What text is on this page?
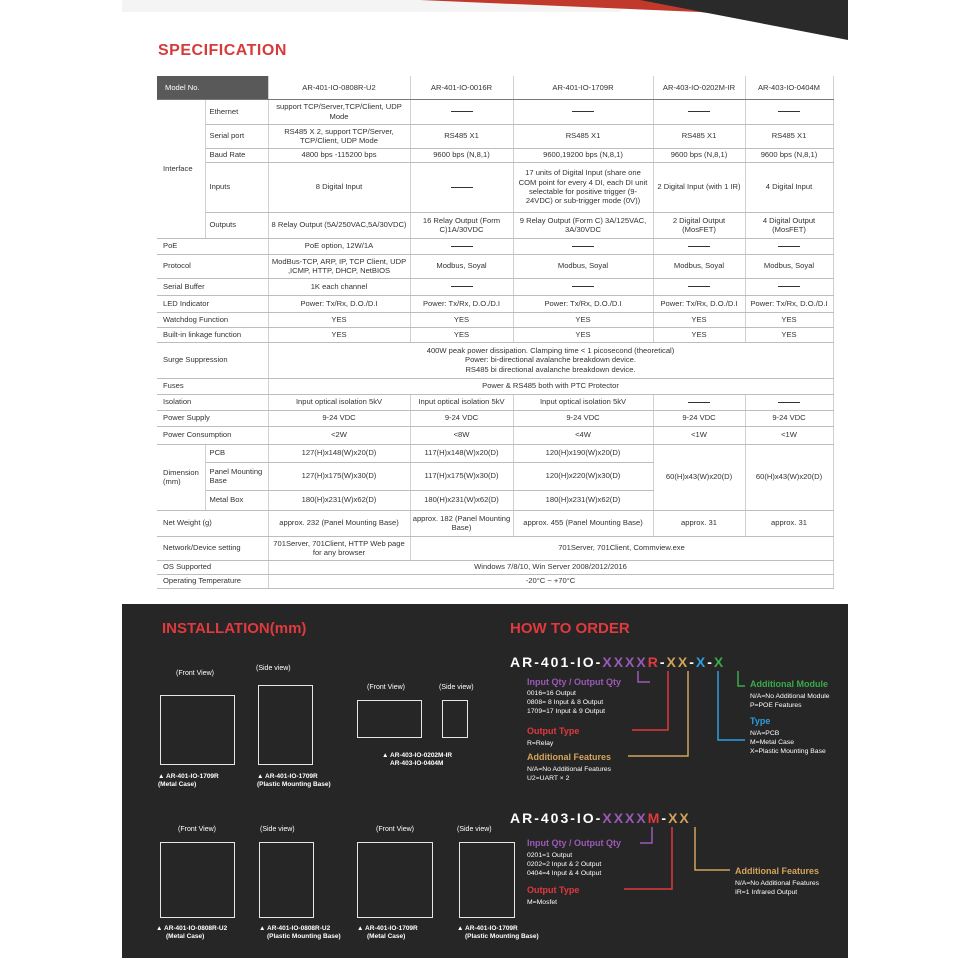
SPECIFICATION
Model No.		AR-401-IO-0808R-U2	AR-401-IO-0016R	AR-401-IO-1709R	AR-403-IO-0202M-IR	AR-403-IO-0404M
Interface	Ethernet	support TCP/Server,TCP/Client, UDP Mode				
	Serial port	RS485 X 2, support TCP/Server, TCP/Client, UDP Mode	RS485 X1	RS485 X1	RS485 X1	RS485 X1
	Baud Rate	4800 bps -115200 bps	9600 bps (N,8,1)	9600,19200 bps (N,8,1)	9600 bps (N,8,1)	9600 bps (N,8,1)
	Inputs	8 Digital Input		17 units of Digital Input (share one COM point for every 4 DI, each DI unit selectable for positive trigger (9-24VDC) or sub-trigger mode (0V))	2 Digital Input (with 1 IR)	4 Digital Input
	Outputs	8 Relay Output (5A/250VAC,5A/30VDC)	16 Relay Output (Form C)1A/30VDC	9 Relay Output (Form C) 3A/125VAC, 3A/30VDC	2 Digital Output (MosFET)	4 Digital Output (MosFET)
PoE		PoE option, 12W/1A				
Protocol		ModBus-TCP, ARP, IP, TCP Client, UDP ,ICMP, HTTP, DHCP, NetBIOS	Modbus, Soyal	Modbus, Soyal	Modbus, Soyal	Modbus, Soyal
Serial Buffer		1K each channel				
LED Indicator		Power: Tx/Rx, D.O./D.I	Power: Tx/Rx, D.O./D.I	Power: Tx/Rx, D.O./D.I	Power: Tx/Rx, D.O./D.I	Power: Tx/Rx, D.O./D.I
Watchdog Function		YES	YES	YES	YES	YES
Built-in linkage function		YES	YES	YES	YES	YES
Surge Suppression		400W peak power dissipation. Clamping time < 1 picosecond (theoretical)
Power: bi-directional avalanche breakdown device.
RS485 bi directional avalanche breakdown device.				

Fuses		Power & RS485 both with PTC Protector				
Isolation		Input optical isolation 5kV	Input optical isolation 5kV	Input optical isolation 5kV		
Power Supply		9-24 VDC	9-24 VDC	9-24 VDC	9-24 VDC	9-24 VDC
Power Consumption		<2W	<8W	<4W	<1W	<1W
Dimension (mm)	PCB	127(H)x148(W)x20(D)	117(H)x148(W)x20(D)	120(H)x190(W)x20(D)	60(H)x43(W)x20(D)	60(H)x43(W)x20(D)
	Panel Mounting Base	127(H)x175(W)x30(D)	117(H)x175(W)x30(D)	120(H)x220(W)x30(D)		
	Metal Box	180(H)x231(W)x62(D)	180(H)x231(W)x62(D)	180(H)x231(W)x62(D)		
Net Weight (g)		approx. 232 (Panel Mounting Base)	approx. 182 (Panel Mounting Base)	approx. 455 (Panel Mounting Base)	approx. 31	approx. 31
Network/Device setting		701Server, 701Client, HTTP Web page for any browser	701Server, 701Client, Commview.exe			
OS Supported		Windows 7/8/10, Win Server 2008/2012/2016				
Operating Temperature		-20°C ~ +70°C				
INSTALLATION(mm)	HOW TO ORDER
(Front View)
(Side view)
▲ AR-401-IO-1709R
(Metal Case)
▲ AR-401-IO-1709R
(Plastic Mounting Base)
(Front View)	(Side view)
▲ AR-403-IO-0202M-IR
AR-403-IO-0404M
(Front View)	(Side view)
▲ AR-401-IO-0808R-U2
(Metal Case)
▲ AR-401-IO-0808R-U2
(Plastic Mounting Base)
(Front View)	(Side view)
▲ AR-401-IO-1709R
(Metal Case)
▲ AR-401-IO-1709R
(Plastic Mounting Base)
AR-401-IO-XXXXR-XX-X-X
Input Qty / Output Qty
0016=16 Output
0808= 8 Input & 8 Output
1709=17 Input & 9 Output
Output Type
R=Relay
Additional Features
N/A=No Additional Features
U2=UART × 2
Type
N/A=PCB
M=Metal Case
X=Plastic Mounting Base
Additional Module
N/A=No Additional Module
P=POE Features
AR-403-IO-XXXXM-XX
Input Qty / Output Qty
0201=1 Output
0202=2 Input & 2 Output
0404=4 Input & 4 Output
Output Type
M=Mosfet
Additional Features
N/A=No Additional Features
IR=1 Infrared Output
